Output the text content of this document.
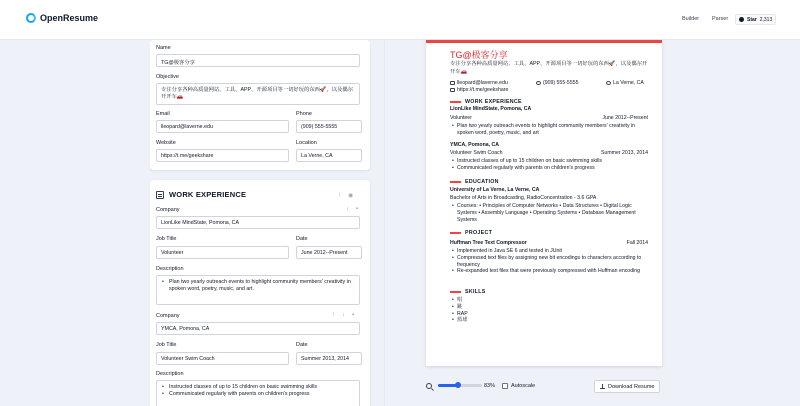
OpenResume	Builder Parser	Star 2,313
Name
TG@极客分享
Objective
专注分享各种高质量网站、工具、APP、开源项目等一切好玩的东西🚀，以及偶尔开开车🚗
Email
lleopard@laverne.edu
Phone
(909) 555-5555
Website
https://t.me/geekshare
Location
La Verne, CA
WORK EXPERIENCE	↓ ◉
Company	↓ ▪
LionLike MindState, Pomona, CA
Job Title
Volunteer
Date
June 2012--Present
Description
• Plan two yearly outreach events to highlight community members' creativity in spoken word, poetry, music, and art.
Company	↑ ↓ ▪
YMCA, Pomona, CA
Job Title
Volunteer Swim Coach
Date
Summer 2013, 2014
Description
• Instructed classes of up to 15 children on basic swimming skills
• Communicated regularly with parents on children's progress
TG@极客分享
专注分享各种高质量网站、工具、APP、开源项目等一切好玩的东西🚀，以及偶尔开开车🚗
lleopard@laverne.edu	(909) 555-5555	La Verne, CA
https://t.me/geekshare
WORK EXPERIENCE
LionLike MindState, Pomona, CA
Volunteer	June 2012--Present
• Plan two yearly outreach events to highlight community members' creativity in spoken word, poetry, music, and art
YMCA, Pomona, CA
Volunteer Swim Coach	Summer 2013, 2014
• Instructed classes of up to 15 children on basic swimming skills
• Communicated regularly with parents on children's progress
EDUCATION
University of La Verne, La Verne, CA
Bachelor of Arts in Broadcasting, RadioConcentration - 3.6 GPA
• Courses: • Principles of Computer Networks • Data Structures • Digital Logic Systems • Assembly Language • Operating Systems • Database Management Systems
PROJECT
Huffman Tree Text Compressor	Fall 2014
• Implemented in Java SE 6 and tested in JUnit
• Compressed text files by assigning new bit encodings to characters according to frequency
• Re-expanded text files that were previously compressed with Huffman encoding
SKILLS
• 唱
• 跳
• RAP
• 篮球
83%	Autoscale	Download Resume
